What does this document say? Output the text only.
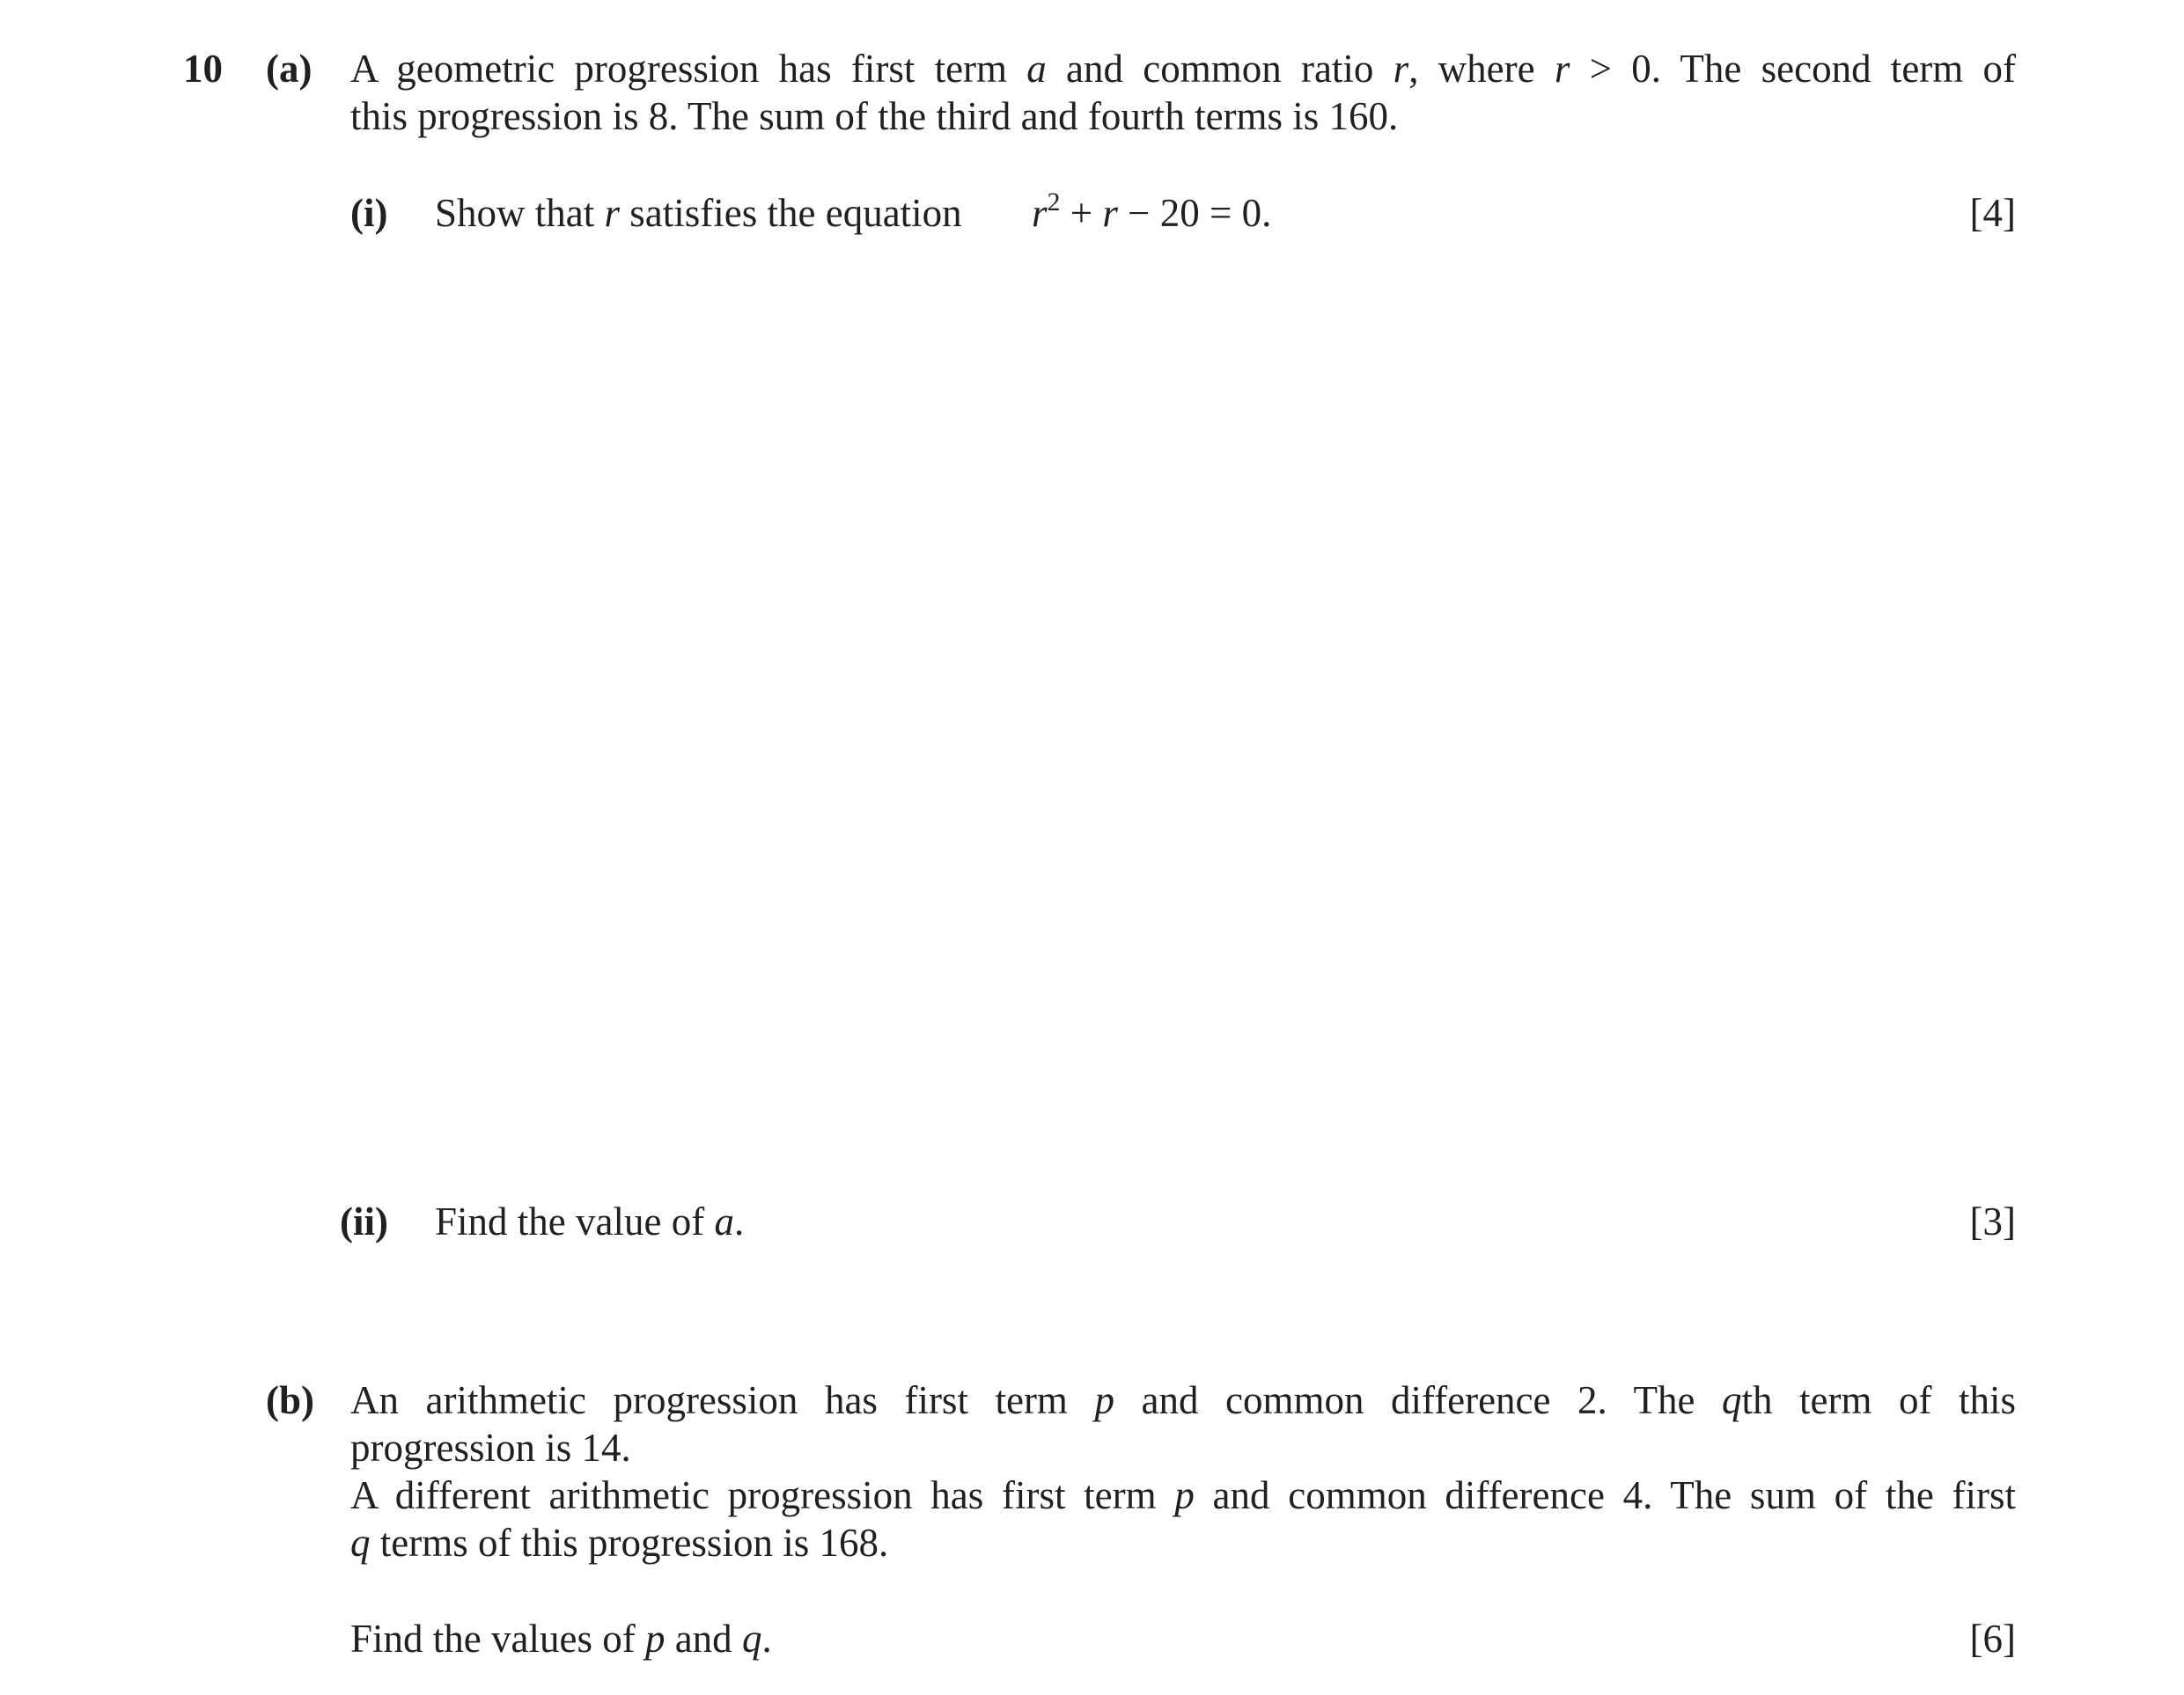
10 (a) A geometric progression has first term a and common ratio r, where r > 0. The second term of
this progression is 8. The sum of the third and fourth terms is 160.
(i) Show that r satisfies the equation $r^2 + r - 20 = 0$.	[4]
(ii) Find the value of a.	[3]
(b) An arithmetic progression has first term p and common difference 2. The qth term of this
progression is 14.
A different arithmetic progression has first term p and common difference 4. The sum of the first
q terms of this progression is 168.
Find the values of p and q.	[6]
